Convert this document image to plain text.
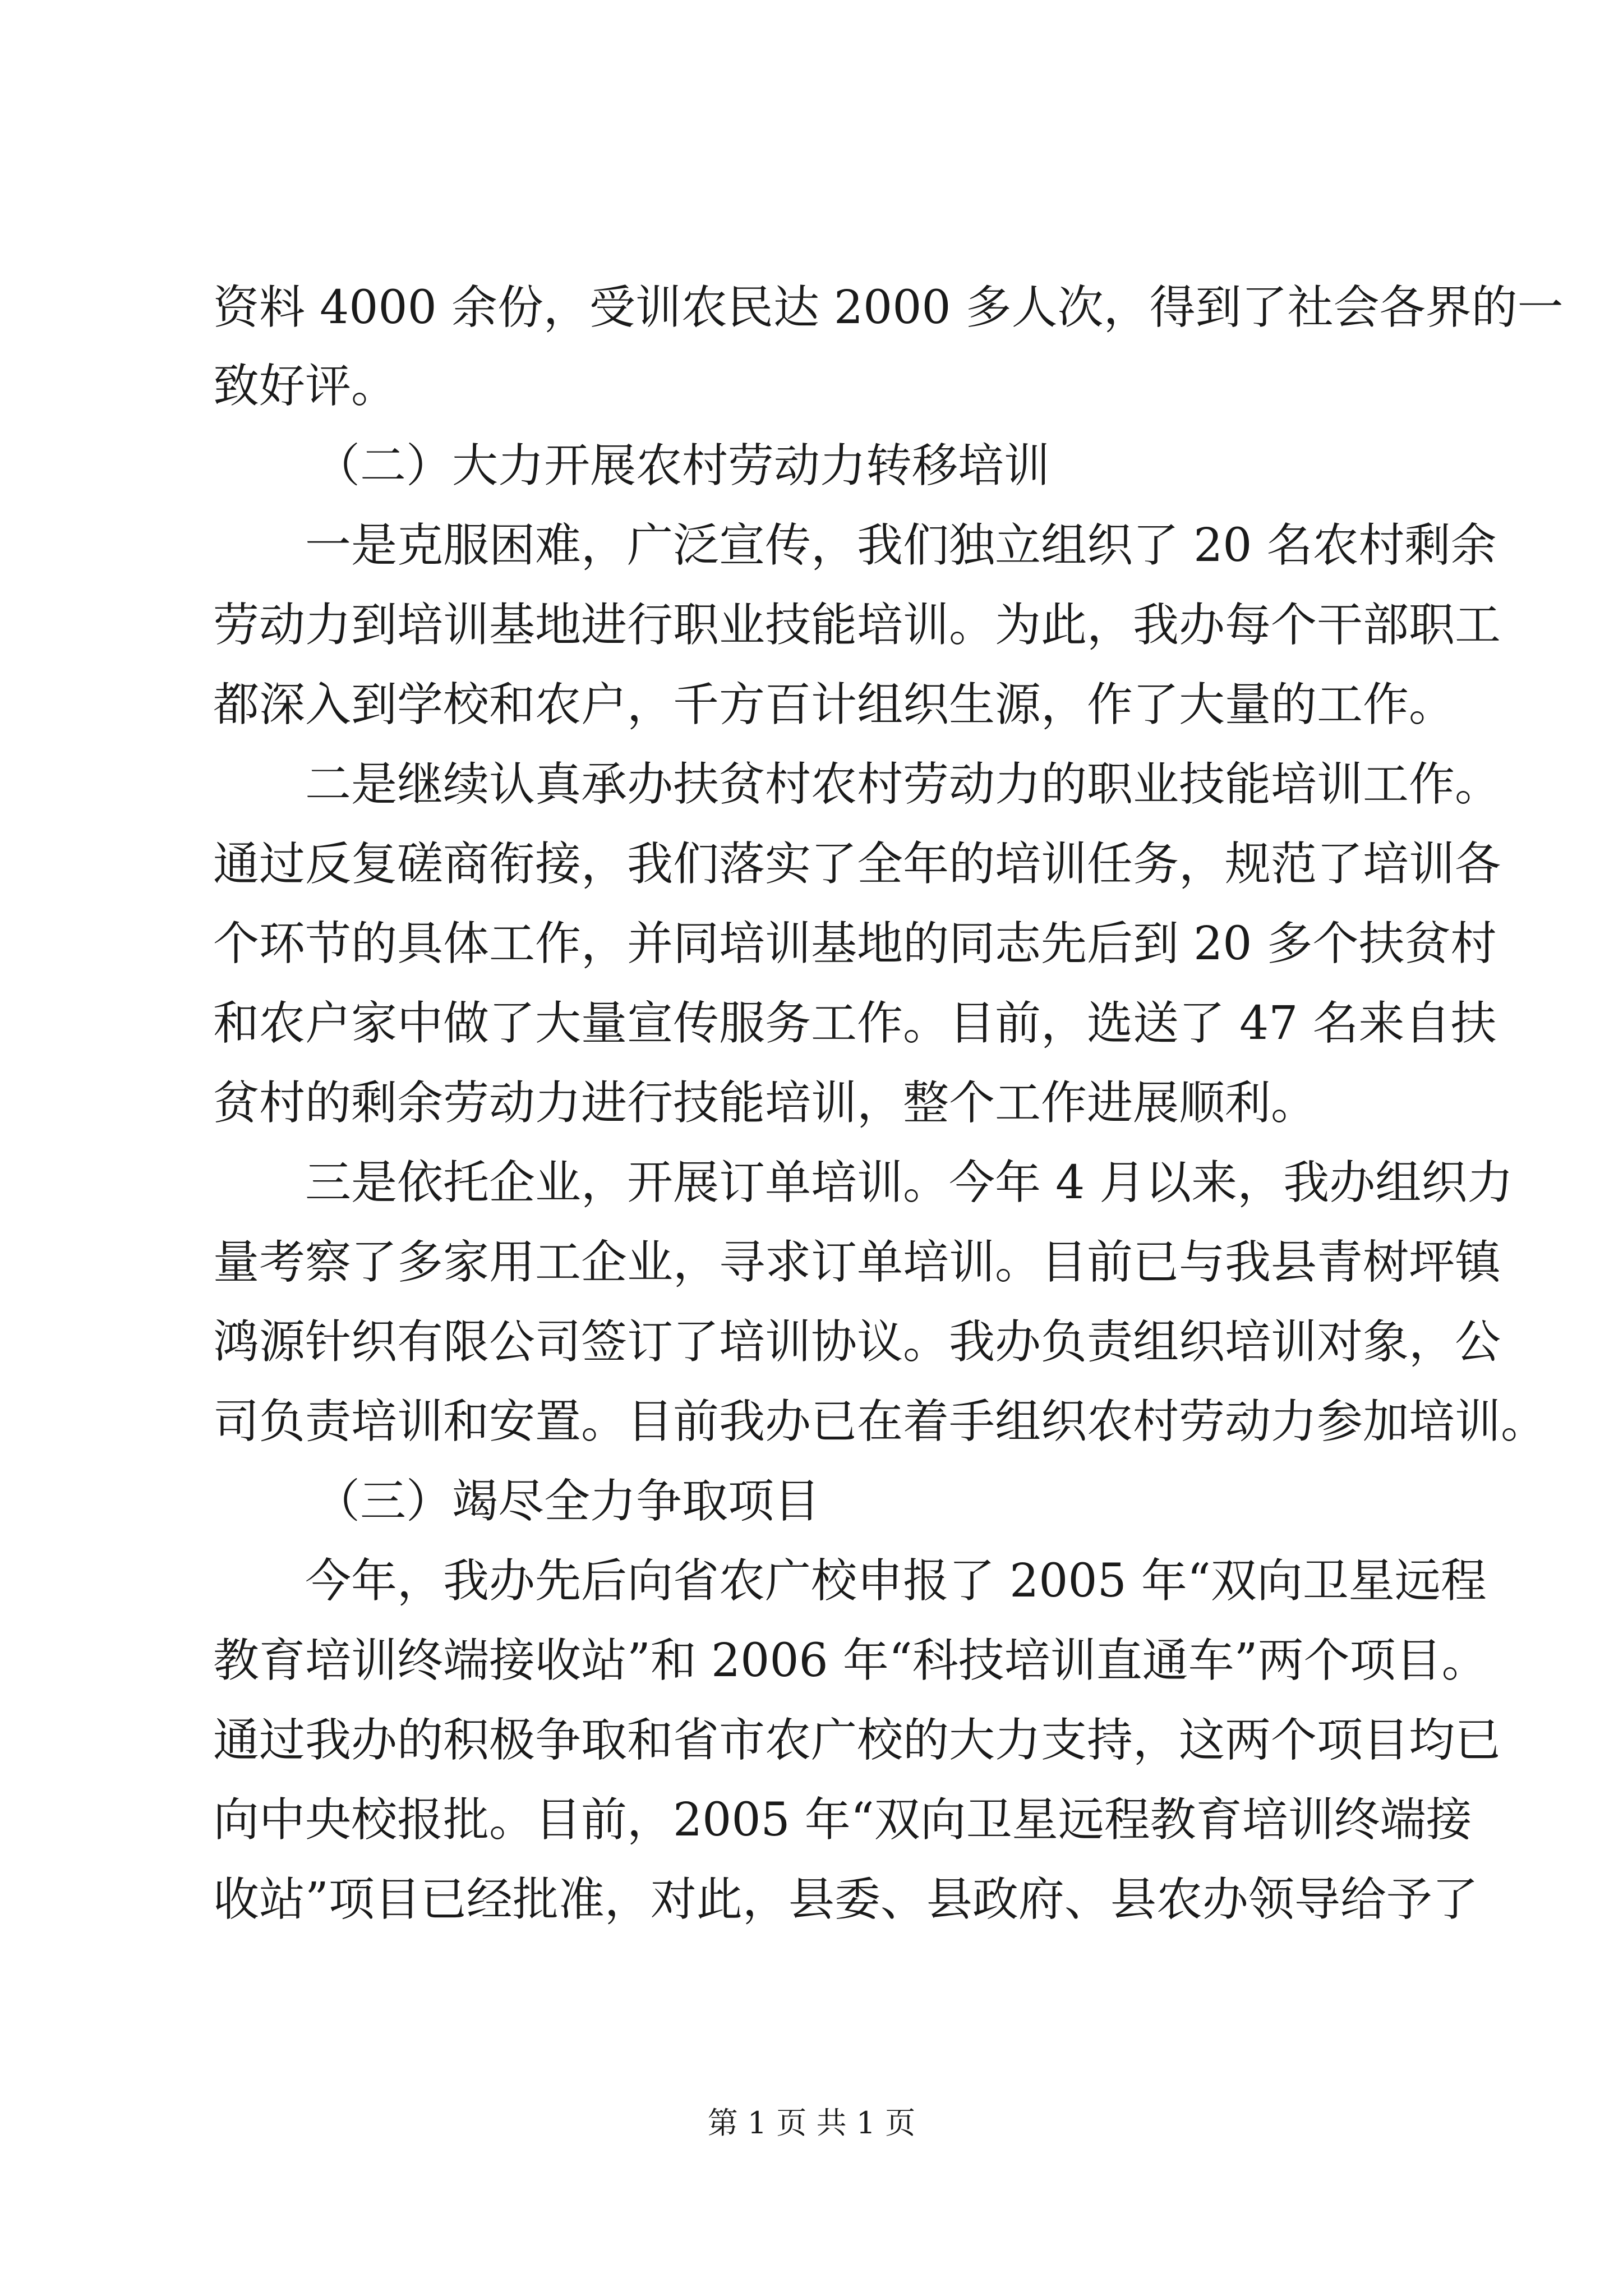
资料 4000 余份，受训农民达 2000 多人次，得到了社会各界的一
致好评。
（二）大力开展农村劳动力转移培训
一是克服困难，广泛宣传，我们独立组织了 20 名农村剩余
劳动力到培训基地进行职业技能培训。为此，我办每个干部职工
都深入到学校和农户，千方百计组织生源，作了大量的工作。
二是继续认真承办扶贫村农村劳动力的职业技能培训工作。
通过反复磋商衔接，我们落实了全年的培训任务，规范了培训各
个环节的具体工作，并同培训基地的同志先后到 20 多个扶贫村
和农户家中做了大量宣传服务工作。目前，选送了 47 名来自扶
贫村的剩余劳动力进行技能培训，整个工作进展顺利。
三是依托企业，开展订单培训。今年 4 月以来，我办组织力
量考察了多家用工企业，寻求订单培训。目前已与我县青树坪镇
鸿源针织有限公司签订了培训协议。我办负责组织培训对象，公
司负责培训和安置。目前我办已在着手组织农村劳动力参加培训。
（三）竭尽全力争取项目
今年，我办先后向省农广校申报了 2005 年“双向卫星远程
教育培训终端接收站”和 2006 年“科技培训直通车”两个项目。
通过我办的积极争取和省市农广校的大力支持，这两个项目均已
向中央校报批。目前，2005 年“双向卫星远程教育培训终端接
收站”项目已经批准，对此，县委、县政府、县农办领导给予了
第 1 页 共 1 页
